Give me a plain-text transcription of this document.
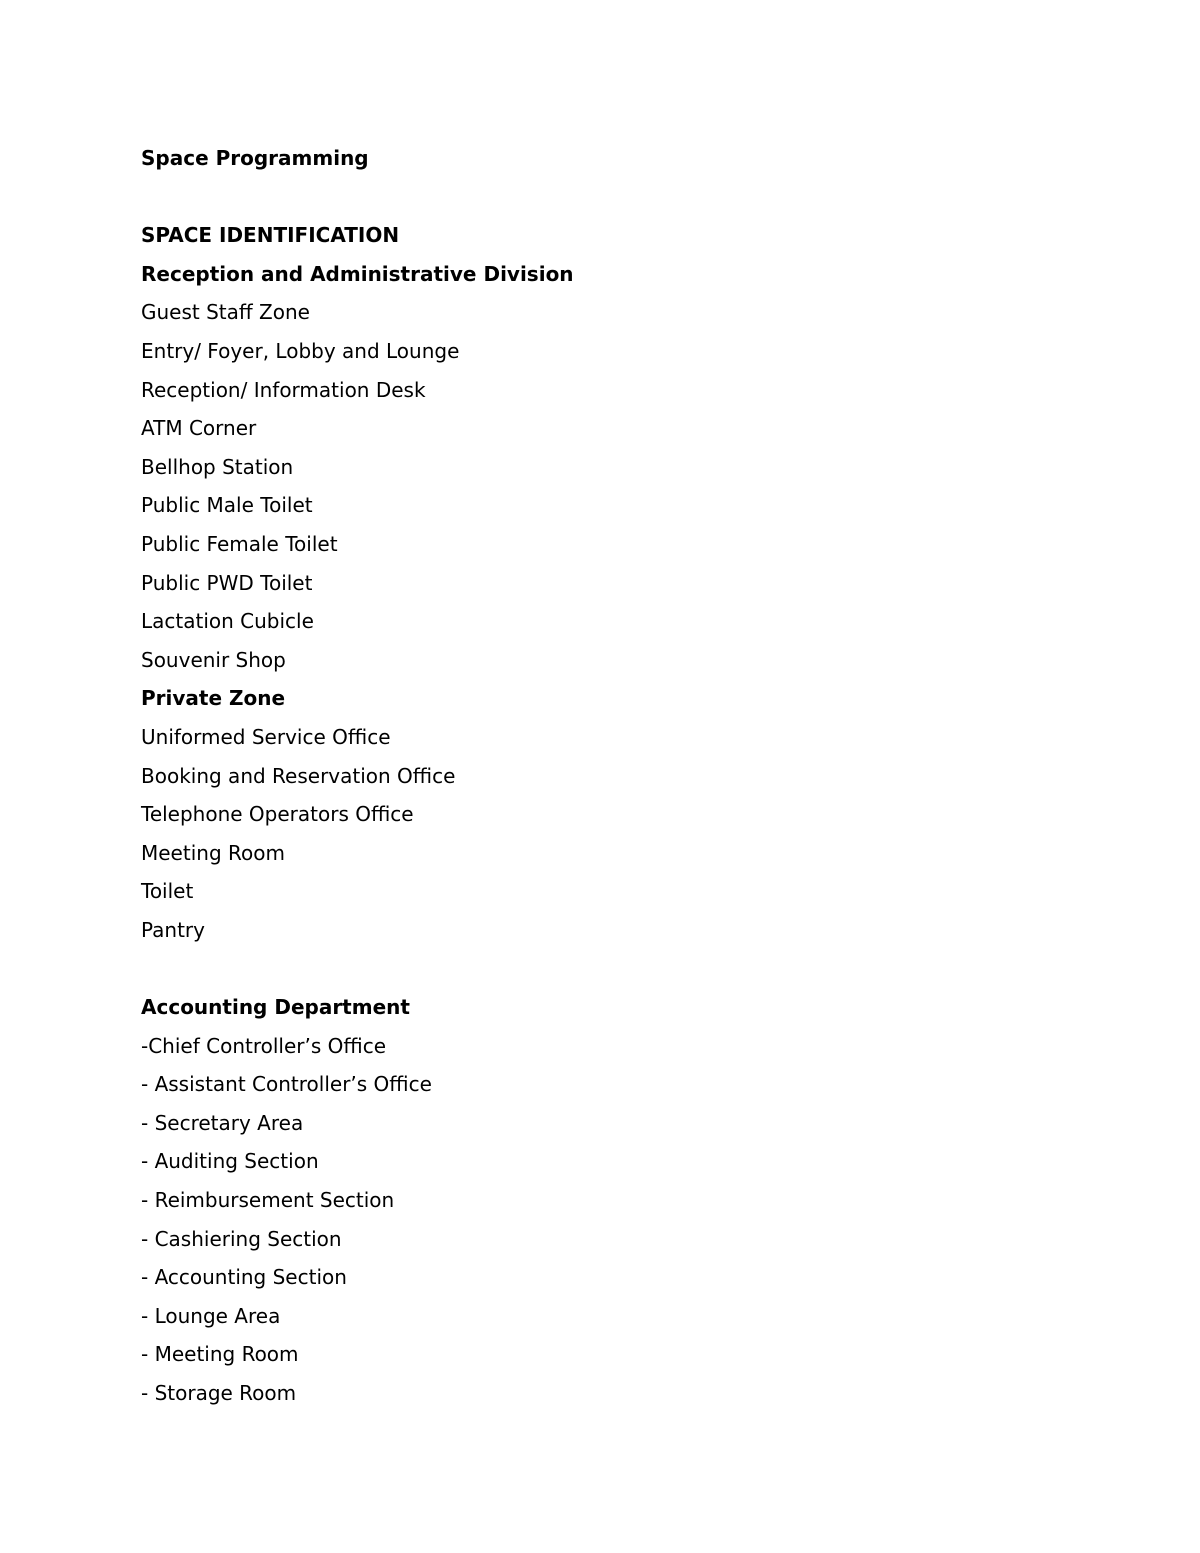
Space Programming
SPACE IDENTIFICATION
Reception and Administrative Division
Guest Staff Zone
Entry/ Foyer, Lobby and Lounge
Reception/ Information Desk
ATM Corner
Bellhop Station
Public Male Toilet
Public Female Toilet
Public PWD Toilet
Lactation Cubicle
Souvenir Shop
Private Zone
Uniformed Service Office
Booking and Reservation Office
Telephone Operators Office
Meeting Room
Toilet
Pantry
Accounting Department
-Chief Controller’s Office
- Assistant Controller’s Office
- Secretary Area
- Auditing Section
- Reimbursement Section
- Cashiering Section
- Accounting Section
- Lounge Area
- Meeting Room
- Storage Room
